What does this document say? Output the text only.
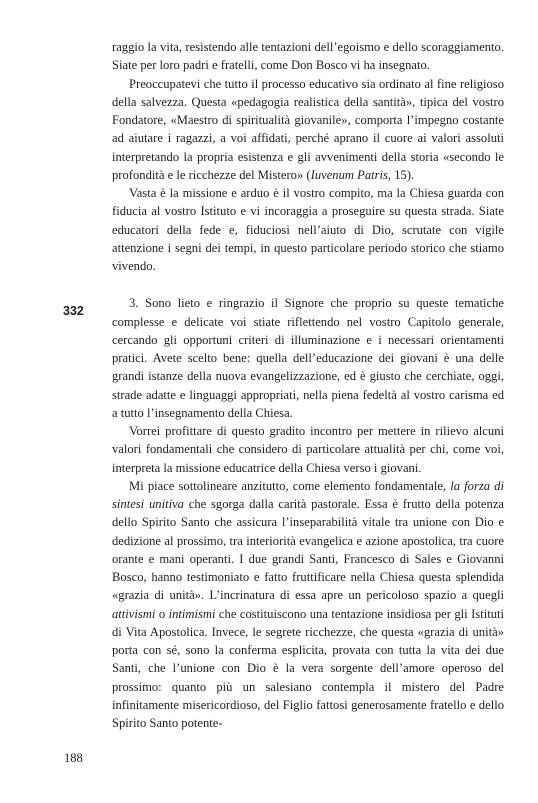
raggio la vita, resistendo alle tentazioni dell’egoismo e dello scoraggiamento. Siate per loro padri e fratelli, come Don Bosco vi ha insegnato.

Preoccupatevi che tutto il processo educativo sia ordinato al fine religioso della salvezza. Questa «pedagogia realistica della santità», tipica del vostro Fondatore, «Maestro di spiritualità giovanile», comporta l’impegno costante ad aiutare i ragazzi, a voi affidati, perché aprano il cuore ai valori assoluti interpretando la propria esistenza e gli avvenimenti della storia «secondo le profondità e le ricchezze del Mistero» (Iuvenum Patris, 15).

Vasta è la missione e arduo è il vostro compito, ma la Chiesa guarda con fiducia al vostro Istituto e vi incoraggia a proseguire su questa strada. Siate educatori della fede e, fiduciosi nell’aiuto di Dio, scrutate con vigile attenzione i segni dei tempi, in questo particolare periodo storico che stiamo vivendo.

3. Sono lieto e ringrazio il Signore che proprio su queste tematiche complesse e delicate voi stiate riflettendo nel vostro Capitolo generale, cercando gli opportuni criteri di illuminazione e i necessari orientamenti pratici. Avete scelto bene: quella dell’educazione dei giovani è una delle grandi istanze della nuova evangelizzazione, ed è giusto che cerchiate, oggi, strade adatte e linguaggi appropriati, nella piena fedeltà al vostro carisma ed a tutto l’insegnamento della Chiesa.

Vorrei profittare di questo gradito incontro per mettere in rilievo alcuni valori fondamentali che considero di particolare attualità per chi, come voi, interpreta la missione educatrice della Chiesa verso i giovani.

Mi piace sottolineare anzitutto, come elemento fondamentale, la forza di sintesi unitiva che sgorga dalla carità pastorale. Essa è frutto della potenza dello Spirito Santo che assicura l’inseparabilità vitale tra unione con Dio e dedizione al prossimo, tra interiorità evangelica e azione apostolica, tra cuore orante e mani operanti. I due grandi Santi, Francesco di Sales e Giovanni Bosco, hanno testimoniato e fatto fruttificare nella Chiesa questa splendida «grazia di unità». L’incrinatura di essa apre un pericoloso spazio a quegli attivismi o intimismi che costituiscono una tentazione insidiosa per gli Istituti di Vita Apostolica. Invece, le segrete ricchezze, che questa «grazia di unità» porta con sé, sono la conferma esplicita, provata con tutta la vita dei due Santi, che l’unione con Dio è la vera sorgente dell’amore operoso del prossimo: quanto più un salesiano contempla il mistero del Padre infinitamente misericordioso, del Figlio fattosi generosamente fratello e dello Spirito Santo potente-

332
188
